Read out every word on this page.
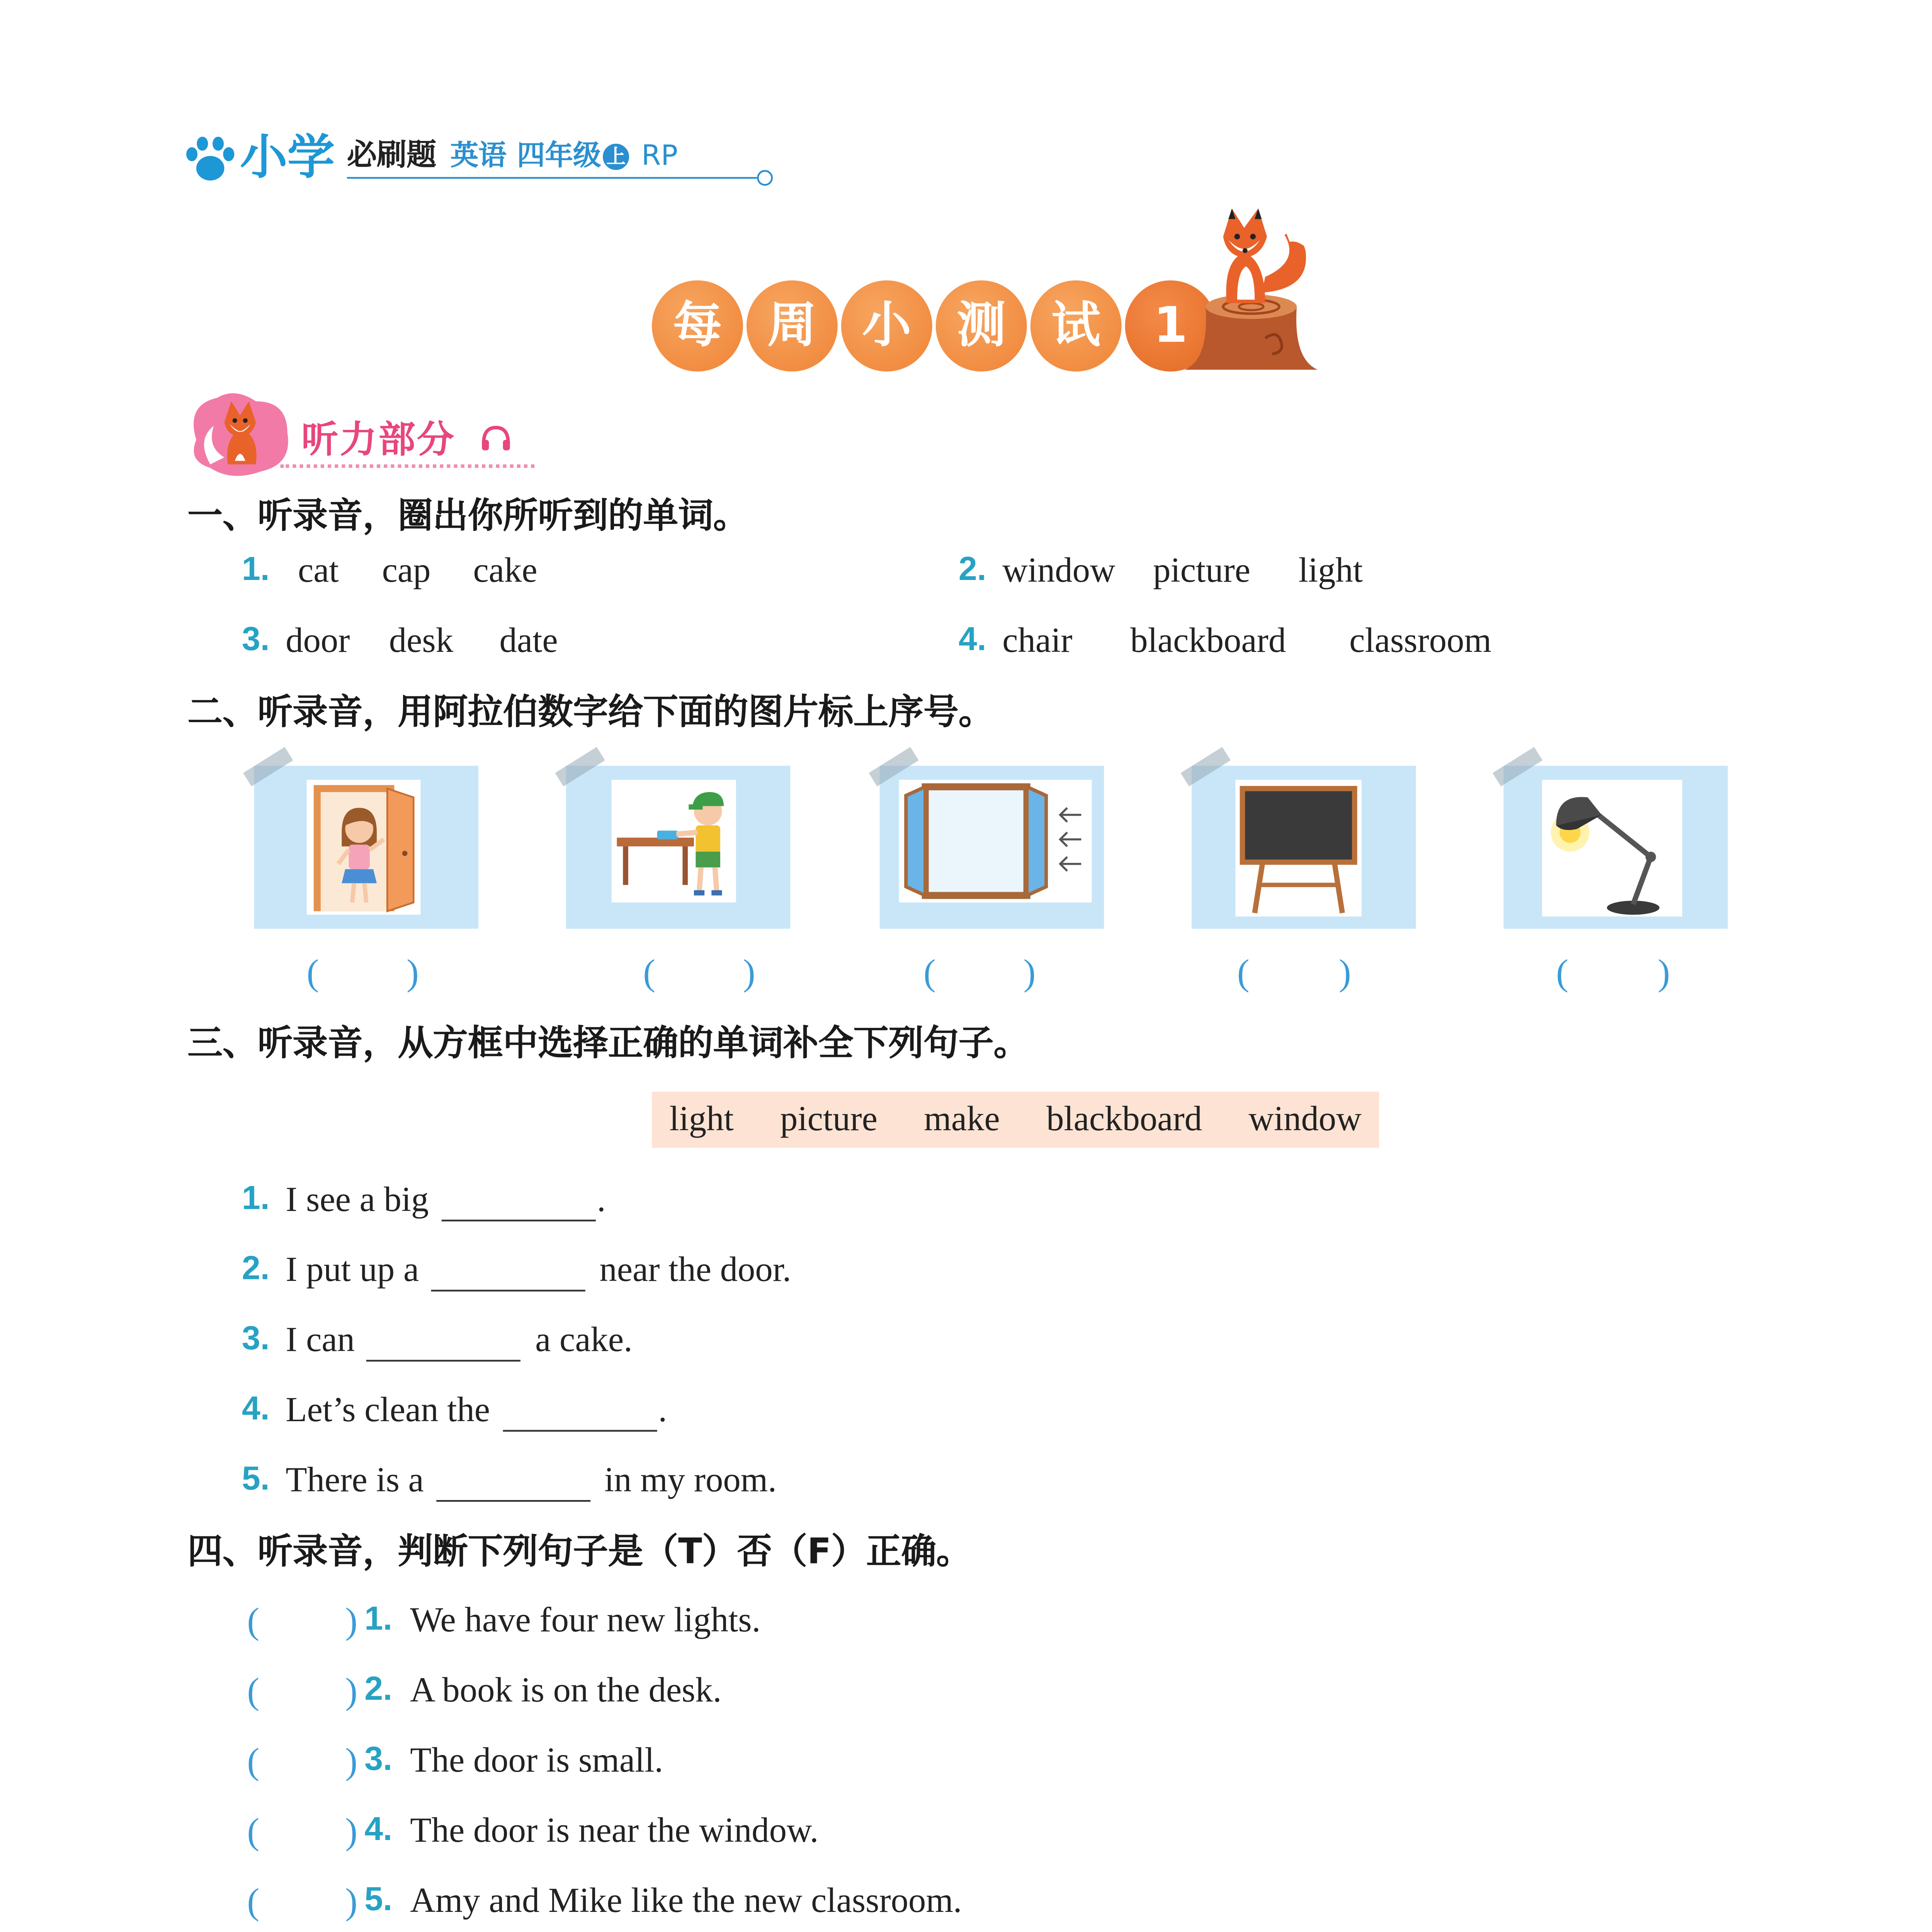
小学 必刷题 英语 四年级	上	RP
每	周	小	测	试	1
听力部分
一、听录音，圈出你所听到的单词。
1.	cat	cap	cake	2. window	picture	light
3. door	desk	date	4. chair	blackboard	classroom
二、听录音，用阿拉伯数字给下面的图片标上序号。
(	)	(	)	(	)	(	)	(	)
三、听录音，从方框中选择正确的单词补全下列句子。
light	picture	make	blackboard	window
1.	I see a big	.
2.	I put up a	near the door.
3.	I can	a cake.
4.	Let’s clean the	.
5.	There is a	in my room.
四、听录音，判断下列句子是（T）否（F）正确。
(	) 1. We have four new lights.
(	) 2. A book is on the desk.
(	) 3. The door is small.
(	) 4. The door is near the window.
(	) 5. Amy and Mike like the new classroom.
